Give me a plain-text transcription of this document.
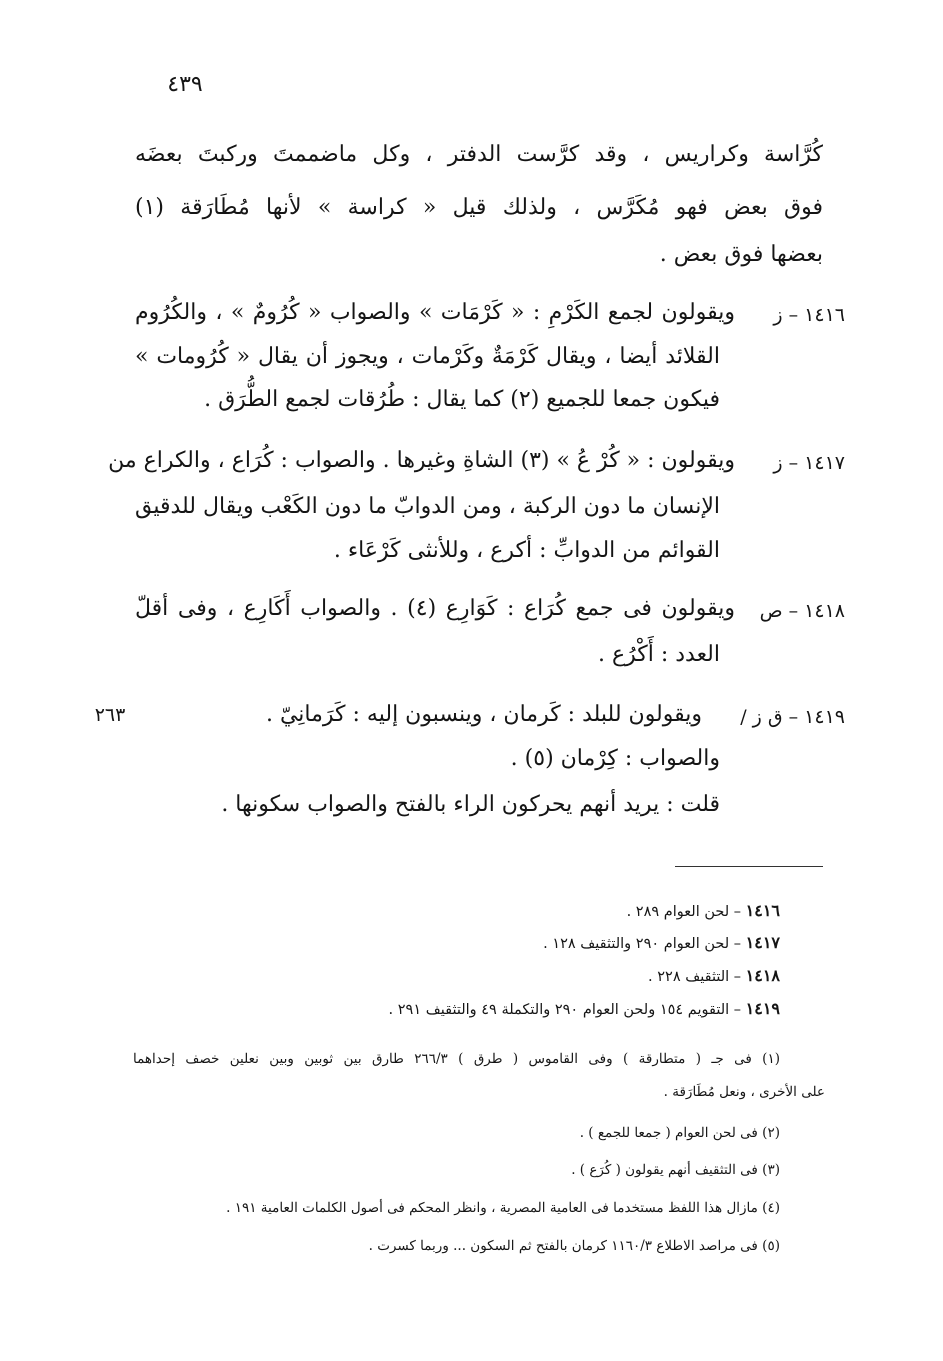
٤٣٩
كُرَّاسة وكراريس ، وقد كرَّست الدفتر ، وكل ماضممتَ وركبتَ بعضَه
فوق بعض فهو مُكَرَّس ، ولذلك قيل « كراسة » لأنها مُطَارَقة (١)
بعضها فوق بعض .
١٤١٦ – ز
ويقولون لجمع الكَرْمِ : « كَرْمَات » والصواب « كُرُومٌ » ، والكُرُوم
القلائد أيضا ، ويقال كَرْمَةٌ وكَرْمات ، ويجوز أن يقال « كُرُومات »
فيكون جمعا للجميع (٢) كما يقال : طُرُقات لجمع الطُّرَق .
١٤١٧ – ز
ويقولون : « كُرْ عُ » (٣) الشاةِ وغيرها . والصواب : كُرَاع ، والكراع من
الإنسان ما دون الركبة ، ومن الدوابّ ما دون الكَعْب ويقال للدقيق
القوائم من الدوابِّ : أكرع ، وللأنثى كَرْعَاء .
١٤١٨ – ص
ويقولون فى جمع كُرَاع : كَوَارِع (٤) . والصواب أَكَارِع ، وفى أقلّ
العدد : أَكْرُع .
٢٦٣	١٤١٩ – ق ز /
ويقولون للبلد : كَرمان ، وينسبون إليه : كَرَمانِيّ .
والصواب : كِرْمان (٥) .
قلت : يريد أنهم يحركون الراء بالفتح والصواب سكونها .
١٤١٦ – لحن العوام ٢٨٩ .
١٤١٧ – لحن العوام ٢٩٠ والتثقيف ١٢٨ .
١٤١٨ – التثقيف ٢٢٨ .
١٤١٩ – التقويم ١٥٤ ولحن العوام ٢٩٠ والتكملة ٤٩ والتثقيف ٢٩١ .
(١) فى جـ ( متطارقة ) وفى القاموس ( طرق ) ٢٦٦/٣ طارق بين ثوبين وبين نعلين خصف إحداهما
على الأخرى ، ونعل مُطَارَقة .
(٢) فى لحن العوام ( جمعا للجمع ) .
(٣) فى التثقيف أنهم يقولون ( كُرَع ) .
(٤) مازال هذا اللفظ مستخدما فى العامية المصرية ، وانظر المحكم فى أصول الكلمات العامية ١٩١ .
(٥) فى مراصد الاطلاع ١١٦٠/٣ كرمان بالفتح ثم السكون ... وربما كسرت .
